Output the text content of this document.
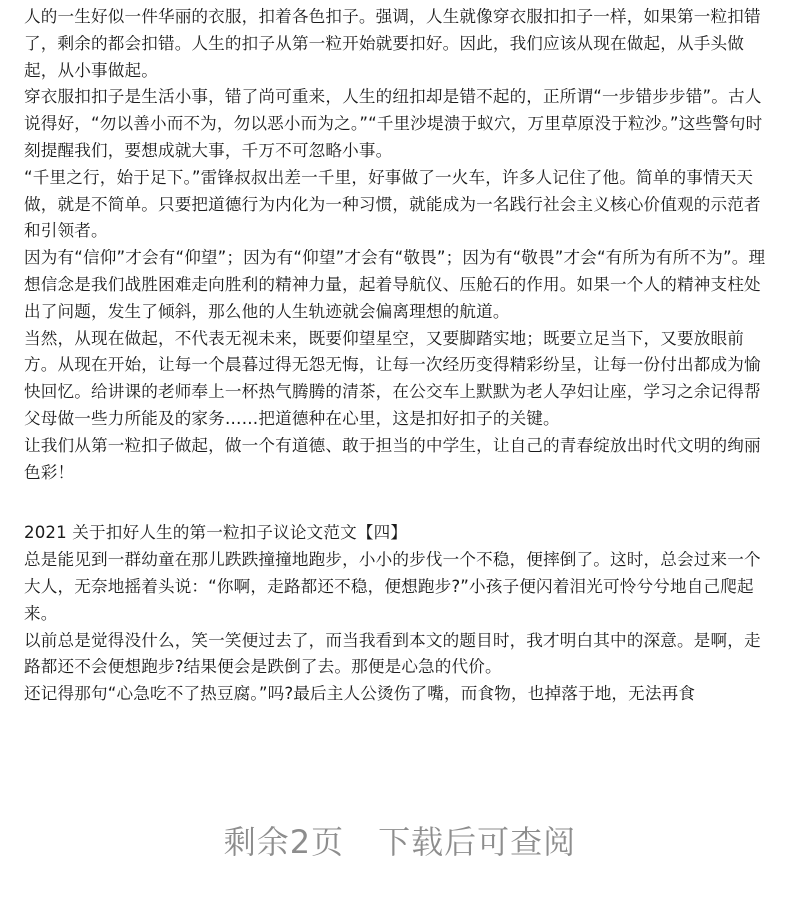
人的一生好似一件华丽的衣服，扣着各色扣子。强调，人生就像穿衣服扣扣子一样，如果第一粒扣错了，剩余的都会扣错。人生的扣子从第一粒开始就要扣好。因此，我们应该从现在做起，从手头做起，从小事做起。

穿衣服扣扣子是生活小事，错了尚可重来，人生的纽扣却是错不起的，正所谓“一步错步步错”。古人说得好，“勿以善小而不为，勿以恶小而为之。”“千里沙堤溃于蚁穴，万里草原没于粒沙。”这些警句时刻提醒我们，要想成就大事，千万不可忽略小事。

“千里之行，始于足下。”雷锋叔叔出差一千里，好事做了一火车，许多人记住了他。简单的事情天天做，就是不简单。只要把道德行为内化为一种习惯，就能成为一名践行社会主义核心价值观的示范者和引领者。

因为有“信仰”才会有“仰望”；因为有“仰望”才会有“敬畏”；因为有“敬畏”才会“有所为有所不为”。理想信念是我们战胜困难走向胜利的精神力量，起着导航仪、压舱石的作用。如果一个人的精神支柱处出了问题，发生了倾斜，那么他的人生轨迹就会偏离理想的航道。

当然，从现在做起，不代表无视未来，既要仰望星空，又要脚踏实地；既要立足当下，又要放眼前方。从现在开始，让每一个晨暮过得无怨无悔，让每一次经历变得精彩纷呈，让每一份付出都成为愉快回忆。给讲课的老师奉上一杯热气腾腾的清茶，在公交车上默默为老人孕妇让座，学习之余记得帮父母做一些力所能及的家务……把道德种在心里，这是扣好扣子的关键。

让我们从第一粒扣子做起，做一个有道德、敢于担当的中学生，让自己的青春绽放出时代文明的绚丽色彩！

2021 关于扣好人生的第一粒扣子议论文范文【四】

总是能见到一群幼童在那儿跌跌撞撞地跑步，小小的步伐一个不稳，便摔倒了。这时，总会过来一个大人，无奈地摇着头说：“你啊，走路都还不稳，便想跑步?”小孩子便闪着泪光可怜兮兮地自己爬起来。

以前总是觉得没什么，笑一笑便过去了，而当我看到本文的题目时，我才明白其中的深意。是啊，走路都还不会便想跑步?结果便会是跌倒了去。那便是心急的代价。

还记得那句“心急吃不了热豆腐。”吗?最后主人公烫伤了嘴，而食物，也掉落于地，无法再食

剩余2页 下载后可查阅
